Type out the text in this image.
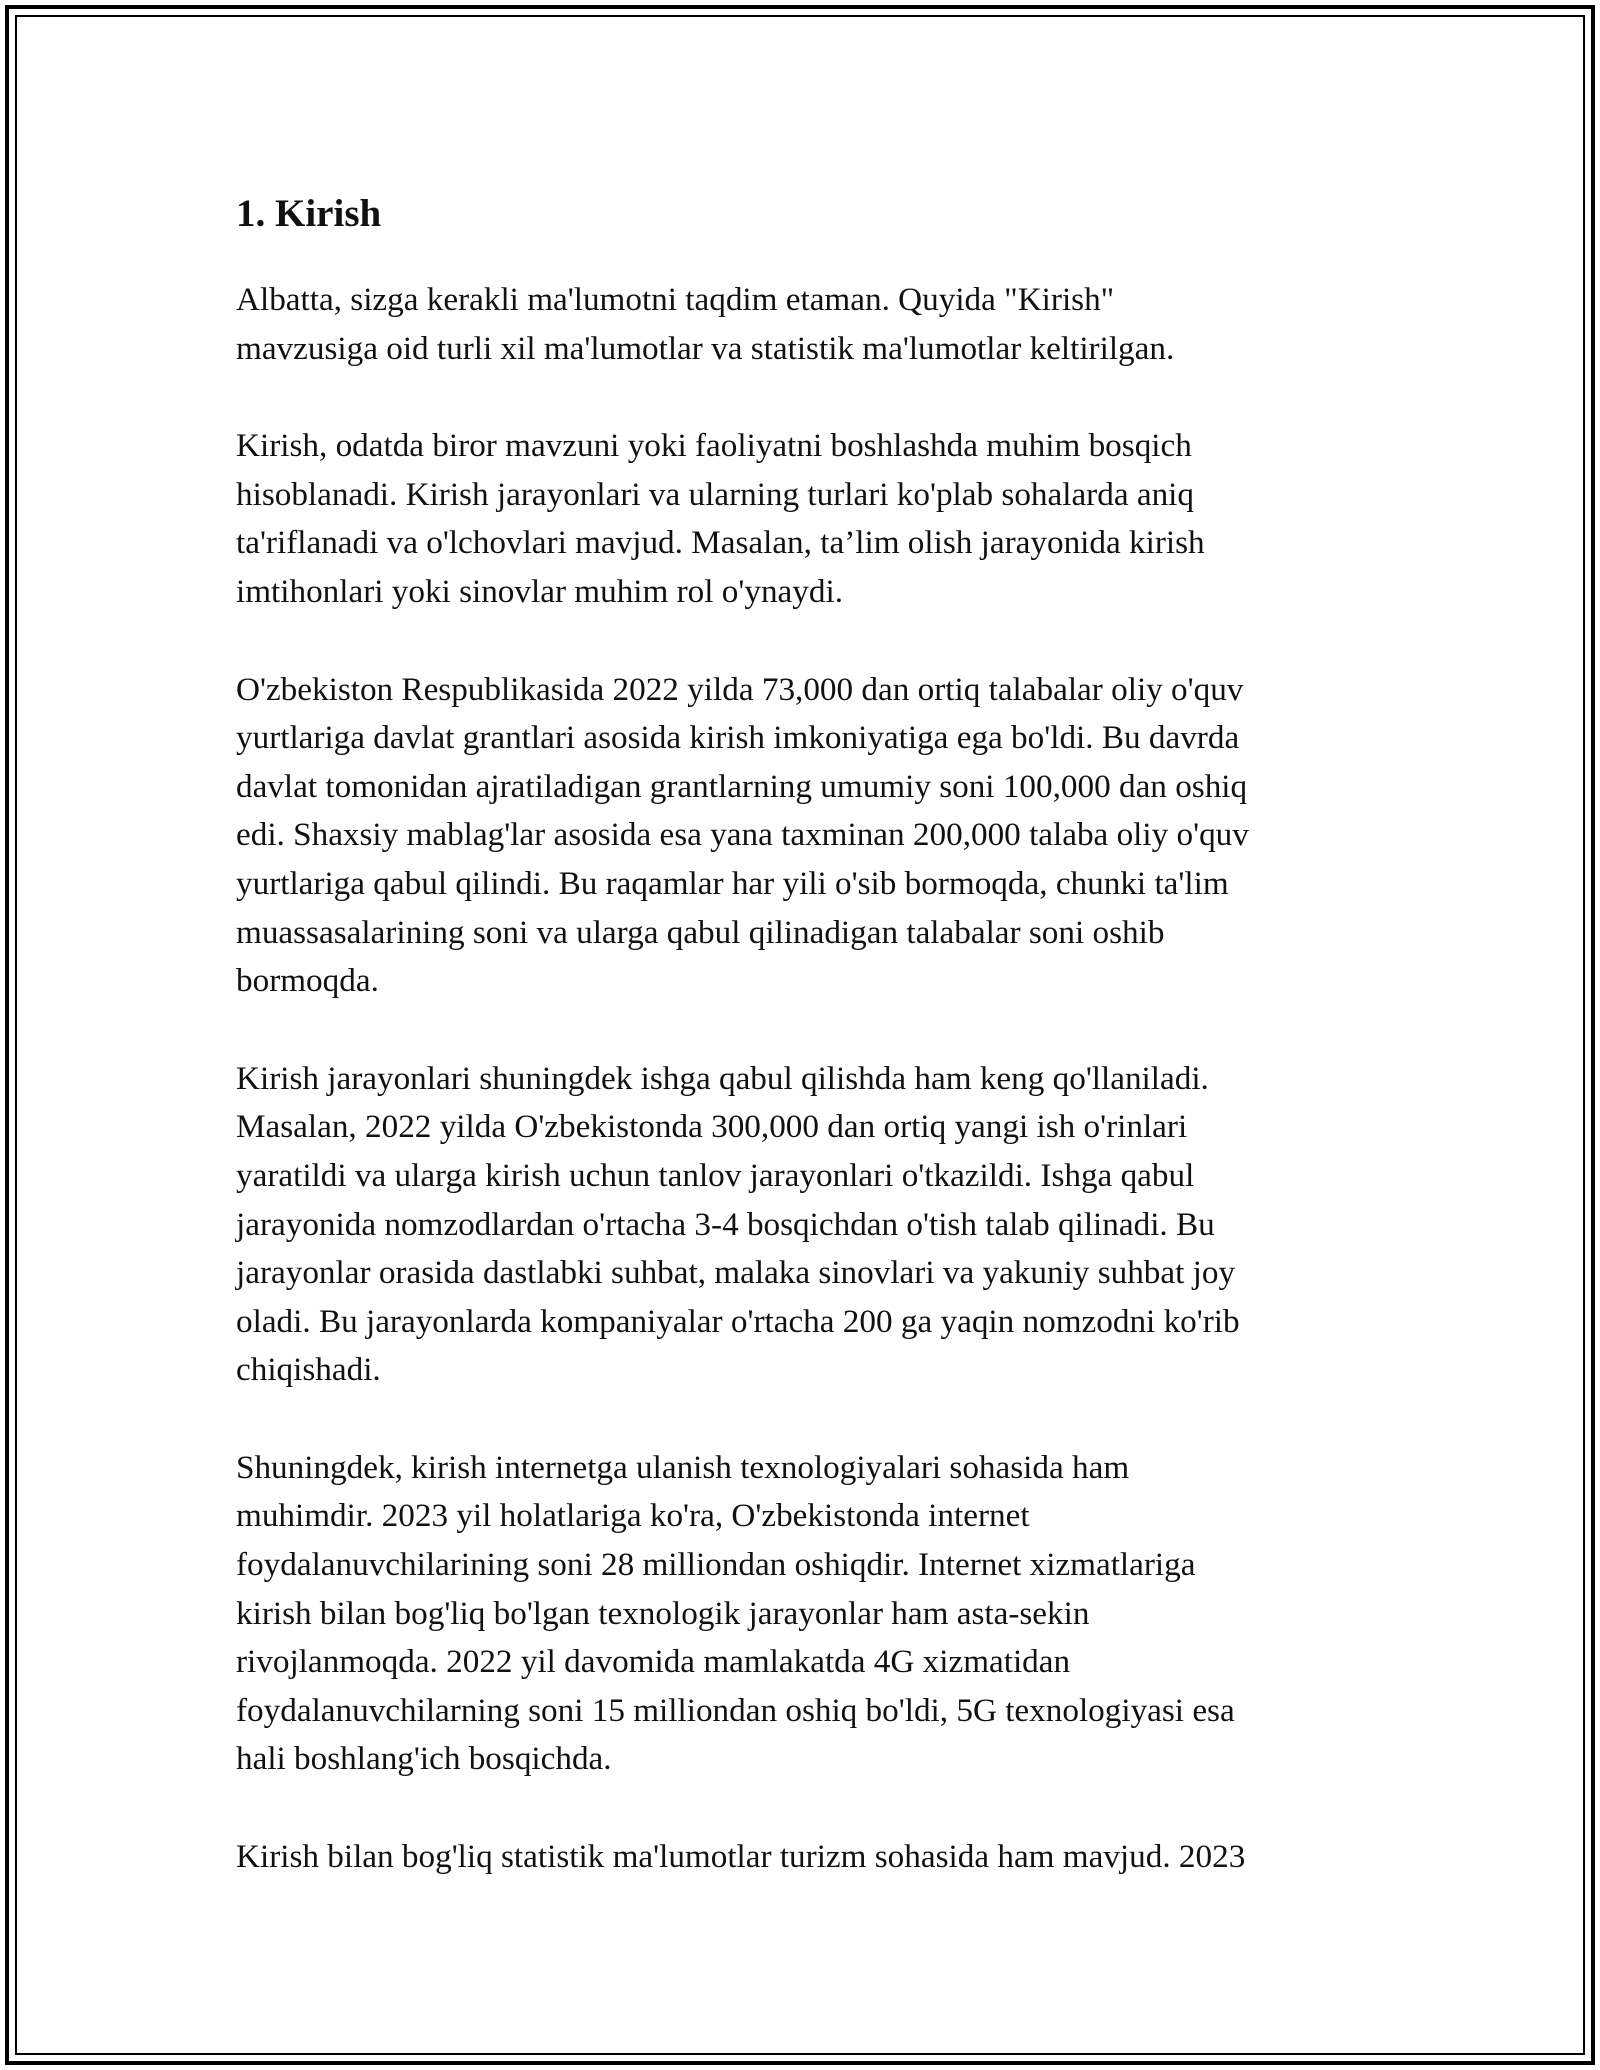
1. Kirish
Albatta, sizga kerakli ma'lumotni taqdim etaman. Quyida "Kirish"
mavzusiga oid turli xil ma'lumotlar va statistik ma'lumotlar keltirilgan.
Kirish, odatda biror mavzuni yoki faoliyatni boshlashda muhim bosqich
hisoblanadi. Kirish jarayonlari va ularning turlari ko'plab sohalarda aniq
ta'riflanadi va o'lchovlari mavjud. Masalan, ta’lim olish jarayonida kirish
imtihonlari yoki sinovlar muhim rol o'ynaydi.
O'zbekiston Respublikasida 2022 yilda 73,000 dan ortiq talabalar oliy o'quv
yurtlariga davlat grantlari asosida kirish imkoniyatiga ega bo'ldi. Bu davrda
davlat tomonidan ajratiladigan grantlarning umumiy soni 100,000 dan oshiq
edi. Shaxsiy mablag'lar asosida esa yana taxminan 200,000 talaba oliy o'quv
yurtlariga qabul qilindi. Bu raqamlar har yili o'sib bormoqda, chunki ta'lim
muassasalarining soni va ularga qabul qilinadigan talabalar soni oshib
bormoqda.
Kirish jarayonlari shuningdek ishga qabul qilishda ham keng qo'llaniladi.
Masalan, 2022 yilda O'zbekistonda 300,000 dan ortiq yangi ish o'rinlari
yaratildi va ularga kirish uchun tanlov jarayonlari o'tkazildi. Ishga qabul
jarayonida nomzodlardan o'rtacha 3-4 bosqichdan o'tish talab qilinadi. Bu
jarayonlar orasida dastlabki suhbat, malaka sinovlari va yakuniy suhbat joy
oladi. Bu jarayonlarda kompaniyalar o'rtacha 200 ga yaqin nomzodni ko'rib
chiqishadi.
Shuningdek, kirish internetga ulanish texnologiyalari sohasida ham
muhimdir. 2023 yil holatlariga ko'ra, O'zbekistonda internet
foydalanuvchilarining soni 28 milliondan oshiqdir. Internet xizmatlariga
kirish bilan bog'liq bo'lgan texnologik jarayonlar ham asta-sekin
rivojlanmoqda. 2022 yil davomida mamlakatda 4G xizmatidan
foydalanuvchilarning soni 15 milliondan oshiq bo'ldi, 5G texnologiyasi esa
hali boshlang'ich bosqichda.
Kirish bilan bog'liq statistik ma'lumotlar turizm sohasida ham mavjud. 2023
